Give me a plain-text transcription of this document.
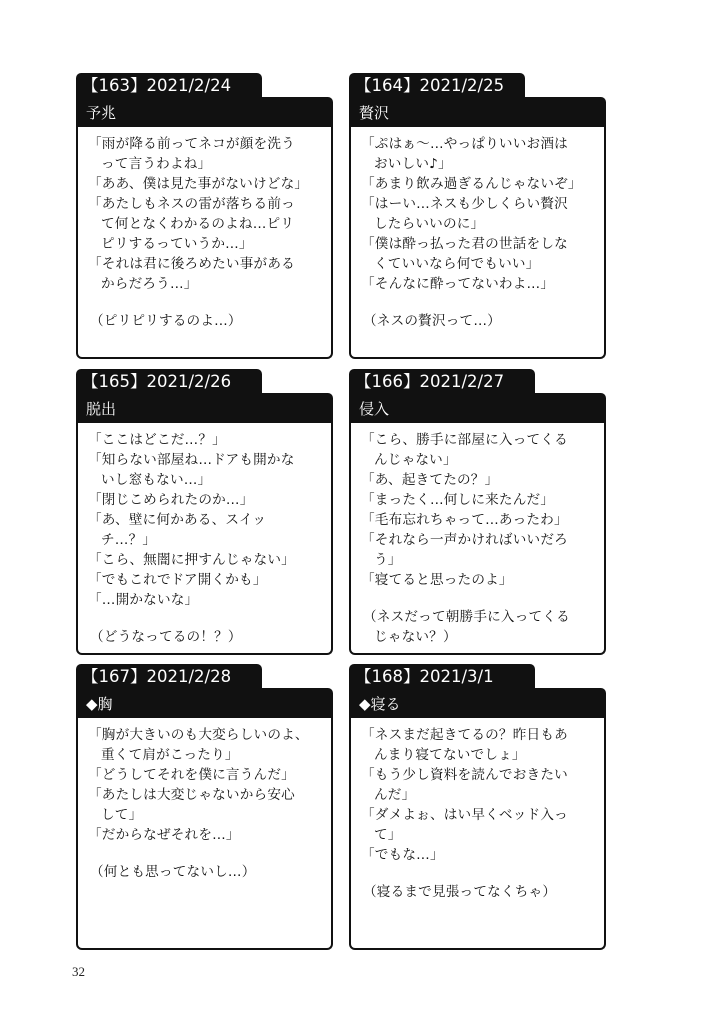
【163】2021/2/24
予兆
「雨が降る前ってネコが顔を洗う
って言うわよね」
「ああ、僕は見た事がないけどな」
「あたしもネスの雷が落ちる前っ
て何となくわかるのよね…ピリ
ピリするっていうか…」
「それは君に後ろめたい事がある
からだろう…」
（ピリピリするのよ…）
【164】2021/2/25
贅沢
「ぷはぁ〜…やっぱりいいお酒は
おいしい♪」
「あまり飲み過ぎるんじゃないぞ」
「はーい…ネスも少しくらい贅沢
したらいいのに」
「僕は酔っ払った君の世話をしな
くていいなら何でもいい」
「そんなに酔ってないわよ…」
（ネスの贅沢って…）
【165】2021/2/26
脱出
「ここはどこだ…？」
「知らない部屋ね…ドアも開かな
いし窓もない…」
「閉じこめられたのか…」
「あ、壁に何かある、スイッ
チ…？」
「こら、無闇に押すんじゃない」
「でもこれでドア開くかも」
「…開かないな」
（どうなってるの！？）
【166】2021/2/27
侵入
「こら、勝手に部屋に入ってくる
んじゃない」
「あ、起きてたの？」
「まったく…何しに来たんだ」
「毛布忘れちゃって…あったわ」
「それなら一声かければいいだろ
う」
「寝てると思ったのよ」
（ネスだって朝勝手に入ってくる
じゃない？）
【167】2021/2/28
◆胸
「胸が大きいのも大変らしいのよ、
重くて肩がこったり」
「どうしてそれを僕に言うんだ」
「あたしは大変じゃないから安心
して」
「だからなぜそれを…」
（何とも思ってないし…）
【168】2021/3/1
◆寝る
「ネスまだ起きてるの？昨日もあ
んまり寝てないでしょ」
「もう少し資料を読んでおきたい
んだ」
「ダメよぉ、はい早くベッド入っ
て」
「でもな…」
（寝るまで見張ってなくちゃ）
32
